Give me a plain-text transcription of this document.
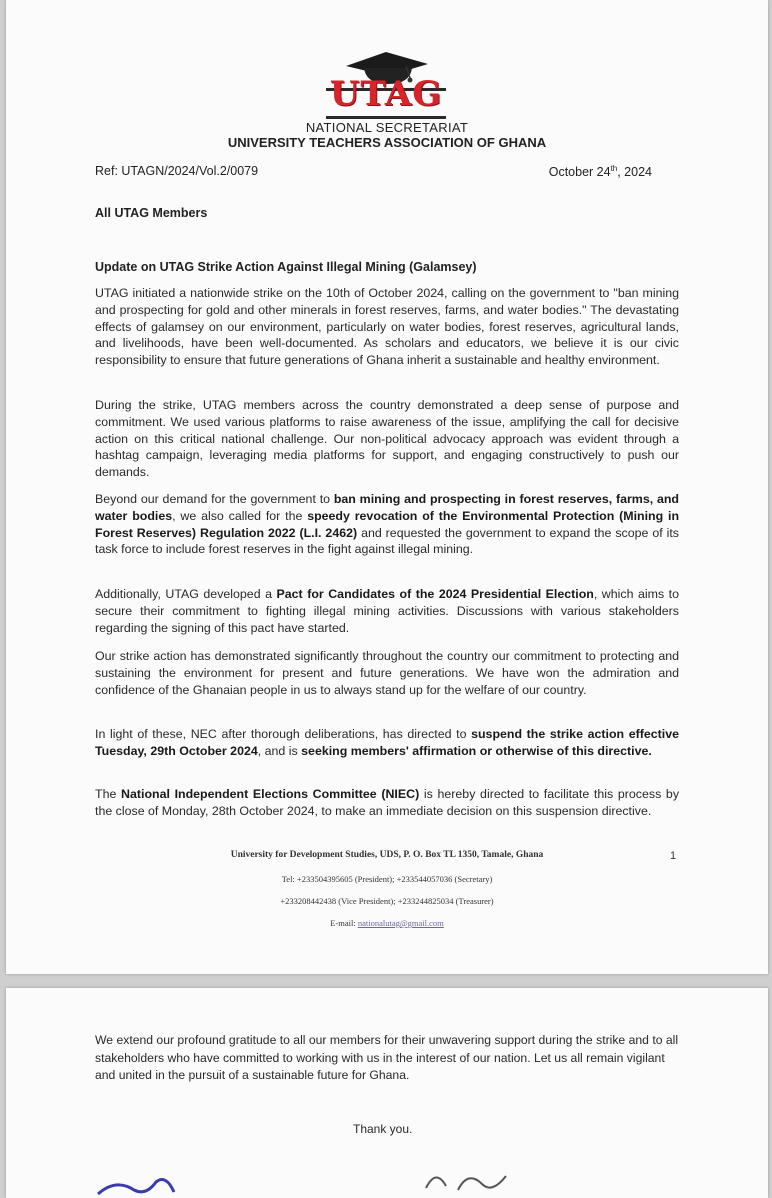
UTAG
NATIONAL SECRETARIAT
UNIVERSITY TEACHERS ASSOCIATION OF GHANA
Ref: UTAGN/2024/Vol.2/0079	October 24th, 2024
All UTAG Members
Update on UTAG Strike Action Against Illegal Mining (Galamsey)

UTAG initiated a nationwide strike on the 10th of October 2024, calling on the government to "ban mining and prospecting for gold and other minerals in forest reserves, farms, and water bodies." The devastating effects of galamsey on our environment, particularly on water bodies, forest reserves, agricultural lands, and livelihoods, have been well-documented. As scholars and educators, we believe it is our civic responsibility to ensure that future generations of Ghana inherit a sustainable and healthy environment.

During the strike, UTAG members across the country demonstrated a deep sense of purpose and commitment. We used various platforms to raise awareness of the issue, amplifying the call for decisive action on this critical national challenge. Our non-political advocacy approach was evident through a hashtag campaign, leveraging media platforms for support, and engaging constructively to push our demands.

Beyond our demand for the government to ban mining and prospecting in forest reserves, farms, and water bodies, we also called for the speedy revocation of the Environmental Protection (Mining in Forest Reserves) Regulation 2022 (L.I. 2462) and requested the government to expand the scope of its task force to include forest reserves in the fight against illegal mining.

Additionally, UTAG developed a Pact for Candidates of the 2024 Presidential Election, which aims to secure their commitment to fighting illegal mining activities. Discussions with various stakeholders regarding the signing of this pact have started.

Our strike action has demonstrated significantly throughout the country our commitment to protecting and sustaining the environment for present and future generations. We have won the admiration and confidence of the Ghanaian people in us to always stand up for the welfare of our country.

In light of these, NEC after thorough deliberations, has directed to suspend the strike action effective Tuesday, 29th October 2024, and is seeking members' affirmation or otherwise of this directive.

The National Independent Elections Committee (NIEC) is hereby directed to facilitate this process by the close of Monday, 28th October 2024, to make an immediate decision on this suspension directive.

University for Development Studies, UDS, P. O. Box TL 1350, Tamale, Ghana	1
Tel: +233504395605 (President); +233544057036 (Secretary)
+233208442438 (Vice President); +233244825034 (Treasurer)
E-mail: nationalutag@gmail.com

We extend our profound gratitude to all our members for their unwavering support during the strike and to all stakeholders who have committed to working with us in the interest of our nation. Let us all remain vigilant and united in the pursuit of a sustainable future for Ghana.

Thank you.
